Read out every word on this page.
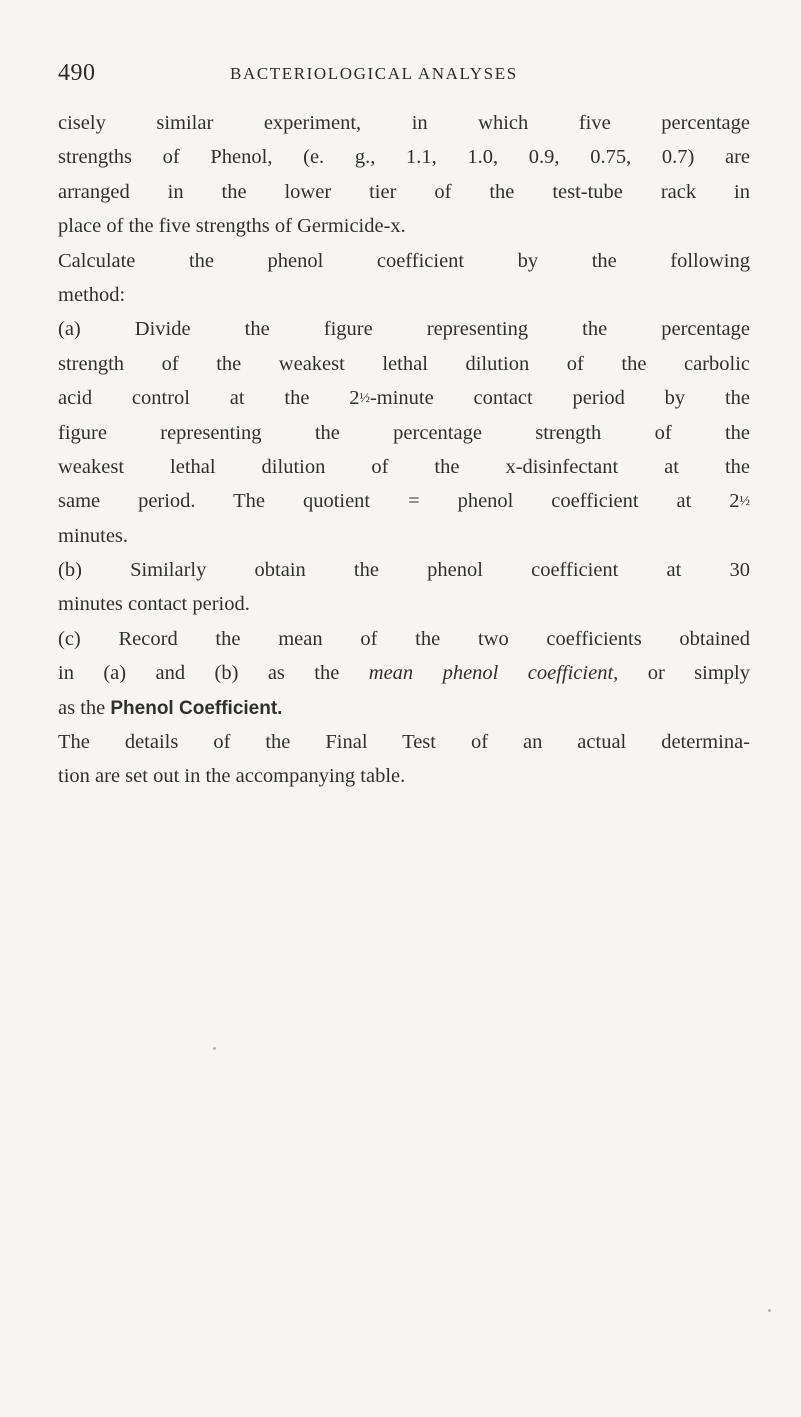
490	BACTERIOLOGICAL ANALYSES
cisely similar experiment, in which five percentage
strengths of Phenol, (e. g., 1.1, 1.0, 0.9, 0.75, 0.7) are
arranged in the lower tier of the test-tube rack in
place of the five strengths of Germicide-x.
Calculate the phenol coefficient by the following
method:
(a) Divide the figure representing the percentage
strength of the weakest lethal dilution of the carbolic
acid control at the 2½-minute contact period by the
figure representing the percentage strength of the
weakest lethal dilution of the x-disinfectant at the
same period. The quotient = phenol coefficient at 2½
minutes.
(b) Similarly obtain the phenol coefficient at 30
minutes contact period.
(c) Record the mean of the two coefficients obtained
in (a) and (b) as the mean phenol coefficient, or simply
as the Phenol Coefficient.
The details of the Final Test of an actual determina-
tion are set out in the accompanying table.
